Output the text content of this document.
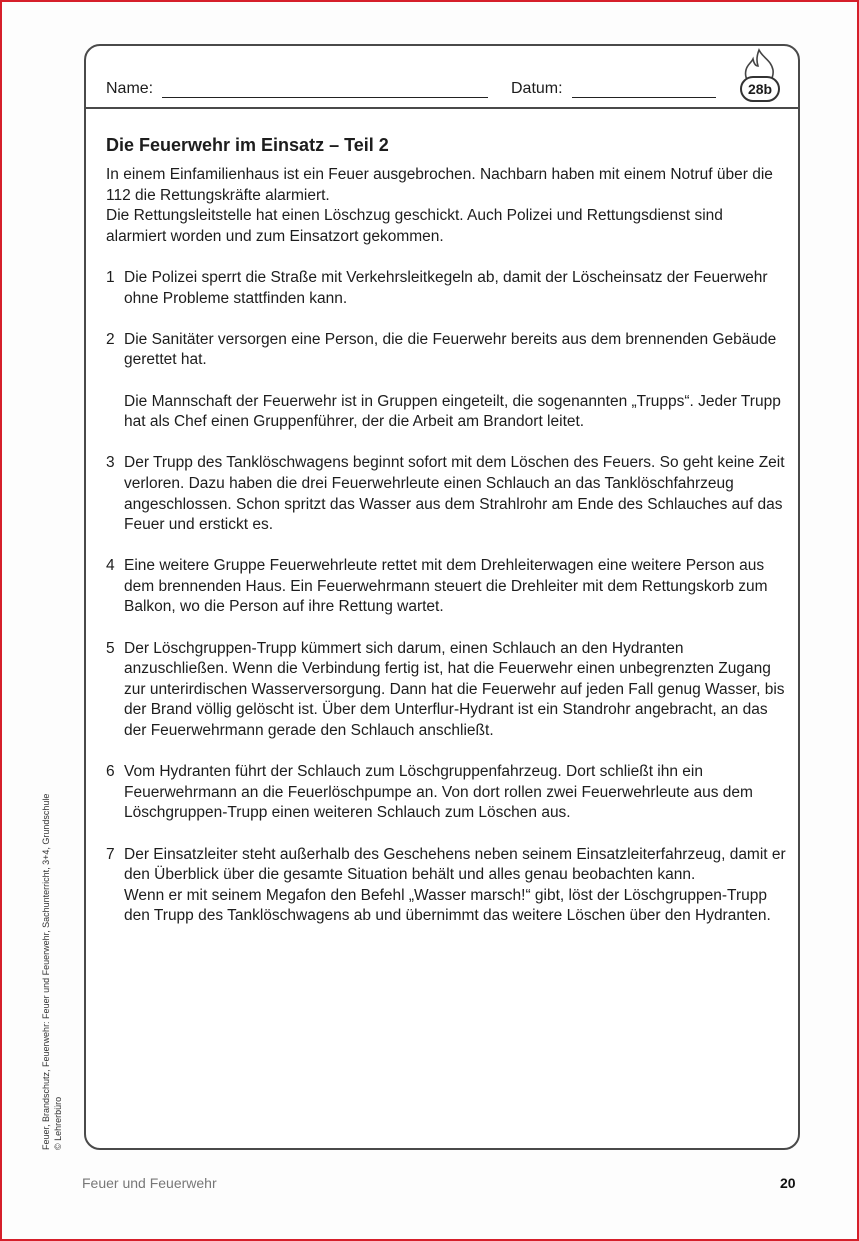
Name:	Datum:	28b
Die Feuerwehr im Einsatz – Teil 2
In einem Einfamilienhaus ist ein Feuer ausgebrochen. Nachbarn haben mit einem Notruf über die 112 die Rettungskräfte alarmiert.
Die Rettungsleitstelle hat einen Löschzug geschickt. Auch Polizei und Rettungsdienst sind alarmiert worden und zum Einsatzort gekommen.
1 Die Polizei sperrt die Straße mit Verkehrsleitkegeln ab, damit der Löscheinsatz der Feuerwehr ohne Probleme stattfinden kann.
2 Die Sanitäter versorgen eine Person, die die Feuerwehr bereits aus dem brennenden Gebäude gerettet hat.
Die Mannschaft der Feuerwehr ist in Gruppen eingeteilt, die sogenannten „Trupps“. Jeder Trupp hat als Chef einen Gruppenführer, der die Arbeit am Brandort leitet.
3 Der Trupp des Tanklöschwagens beginnt sofort mit dem Löschen des Feuers. So geht keine Zeit verloren. Dazu haben die drei Feuerwehrleute einen Schlauch an das Tanklöschfahrzeug angeschlossen. Schon spritzt das Wasser aus dem Strahlrohr am Ende des Schlauches auf das Feuer und erstickt es.
4 Eine weitere Gruppe Feuerwehrleute rettet mit dem Drehleiterwagen eine weitere Person aus dem brennenden Haus. Ein Feuerwehrmann steuert die Drehleiter mit dem Rettungskorb zum Balkon, wo die Person auf ihre Rettung wartet.
5 Der Löschgruppen-Trupp kümmert sich darum, einen Schlauch an den Hydranten anzuschließen. Wenn die Verbindung fertig ist, hat die Feuerwehr einen unbegrenzten Zugang zur unterirdischen Wasserversorgung. Dann hat die Feuerwehr auf jeden Fall genug Wasser, bis der Brand völlig gelöscht ist. Über dem Unterflur-Hydrant ist ein Standrohr angebracht, an das der Feuerwehrmann gerade den Schlauch anschließt.
6 Vom Hydranten führt der Schlauch zum Löschgruppenfahrzeug. Dort schließt ihn ein Feuerwehrmann an die Feuerlöschpumpe an. Von dort rollen zwei Feuerwehrleute aus dem Löschgruppen-Trupp einen weiteren Schlauch zum Löschen aus.
7 Der Einsatzleiter steht außerhalb des Geschehens neben seinem Einsatzleiterfahrzeug, damit er den Überblick über die gesamte Situation behält und alles genau beobachten kann.
Wenn er mit seinem Megafon den Befehl „Wasser marsch!“ gibt, löst der Löschgruppen-Trupp den Trupp des Tanklöschwagens ab und übernimmt das weitere Löschen über den Hydranten.
Feuer, Brandschutz, Feuerwehr: Feuer und Feuerwehr, Sachunterricht, 3+4, Grundschule © Lehrerbüro
Feuer und Feuerwehr	20
